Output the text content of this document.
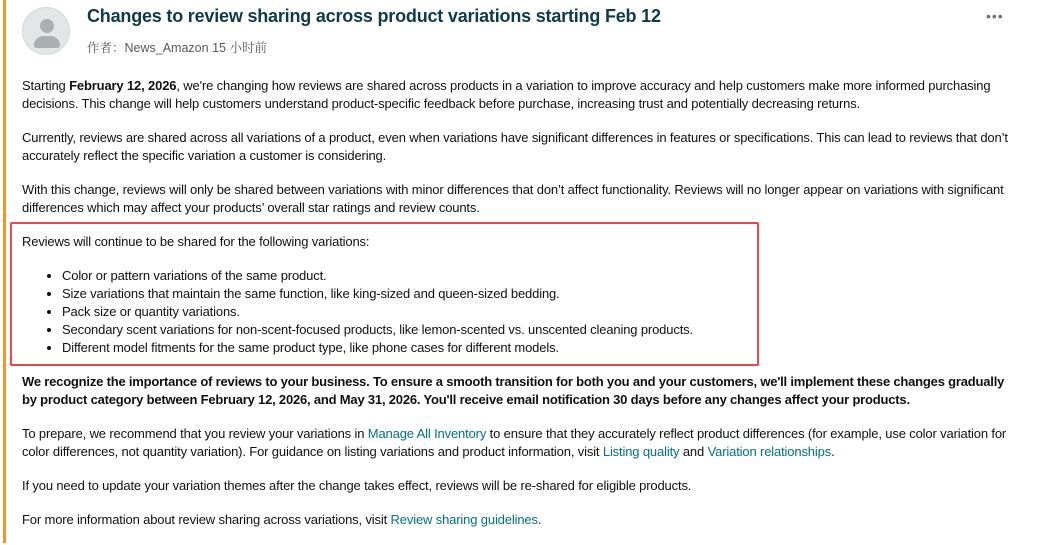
Changes to review sharing across product variations starting Feb 12
作者：News_Amazon 15 小时前
•••

Starting February 12, 2026, we're changing how reviews are shared across products in a variation to improve accuracy and help customers make more informed purchasing decisions. This change will help customers understand product-specific feedback before purchase, increasing trust and potentially decreasing returns.

Currently, reviews are shared across all variations of a product, even when variations have significant differences in features or specifications. This can lead to reviews that don’t accurately reflect the specific variation a customer is considering.

With this change, reviews will only be shared between variations with minor differences that don’t affect functionality. Reviews will no longer appear on variations with significant differences which may affect your products’ overall star ratings and review counts.

Reviews will continue to be shared for the following variations:
• Color or pattern variations of the same product.
• Size variations that maintain the same function, like king-sized and queen-sized bedding.
• Pack size or quantity variations.
• Secondary scent variations for non-scent-focused products, like lemon-scented vs. unscented cleaning products.
• Different model fitments for the same product type, like phone cases for different models.
We recognize the importance of reviews to your business. To ensure a smooth transition for both you and your customers, we'll implement these changes gradually by product category between February 12, 2026, and May 31, 2026. You'll receive email notification 30 days before any changes affect your products.

To prepare, we recommend that you review your variations in Manage All Inventory to ensure that they accurately reflect product differences (for example, use color variation for color differences, not quantity variation). For guidance on listing variations and product information, visit Listing quality and Variation relationships.

If you need to update your variation themes after the change takes effect, reviews will be re-shared for eligible products.

For more information about review sharing across variations, visit Review sharing guidelines.
